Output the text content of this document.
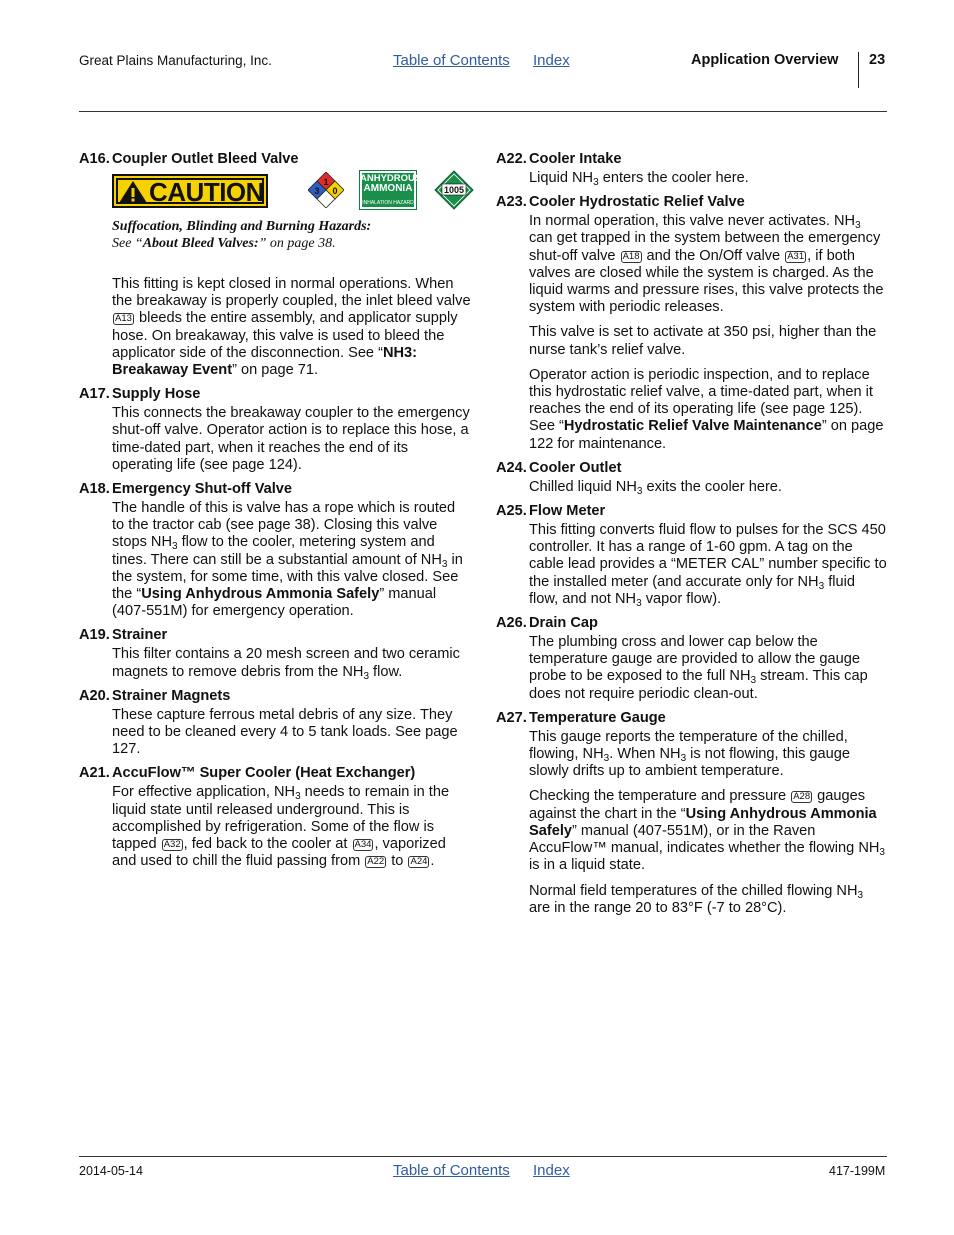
Great Plains Manufacturing, Inc.	Table of Contents Index	Application Overview 23
A16. Coupler Outlet Bleed Valve
CAUTION	1
3 0
ANHYDROUS
AMMONIA
INHALATION HAZARD
1005
Suffocation, Blinding and Burning Hazards:
See “About Bleed Valves:” on page 38.

This fitting is kept closed in normal operations. When the breakaway is properly coupled, the inlet bleed valve A13 bleeds the entire assembly, and applicator supply hose. On breakaway, this valve is used to bleed the applicator side of the disconnection. See “NH3: Breakaway Event” on page 71.

A17. Supply Hose

This connects the breakaway coupler to the emergency shut-off valve. Operator action is to replace this hose, a time-dated part, when it reaches the end of its operating life (see page 124).

A18. Emergency Shut-off Valve

The handle of this is valve has a rope which is routed to the tractor cab (see page 38). Closing this valve stops $NH_3$ flow to the cooler, metering system and tines. There can still be a substantial amount of $NH_3$ in the system, for some time, with this valve closed. See the “Using Anhydrous Ammonia Safely” manual (407-551M) for emergency operation.

A19. Strainer

This filter contains a 20 mesh screen and two ceramic magnets to remove debris from the $NH_3$ flow.

A20. Strainer Magnets

These capture ferrous metal debris of any size. They need to be cleaned every 4 to 5 tank loads. See page 127.

A21. AccuFlow™ Super Cooler (Heat Exchanger)

For effective application, $NH_3$ needs to remain in the liquid state until released underground. This is accomplished by refrigeration. Some of the flow is tapped A32 , fed back to the cooler at A34 , vaporized and used to chill the fluid passing from A22 to A24 .

A22. Cooler Intake

Liquid $NH_3$ enters the cooler here.

A23. Cooler Hydrostatic Relief Valve

In normal operation, this valve never activates. $NH_3$ can get trapped in the system between the emergency shut-off valve A18 and the On/Off valve A31 , if both valves are closed while the system is charged. As the liquid warms and pressure rises, this valve protects the system with periodic releases.

This valve is set to activate at 350 psi, higher than the nurse tank’s relief valve.

Operator action is periodic inspection, and to replace this hydrostatic relief valve, a time-dated part, when it reaches the end of its operating life (see page 125). See “Hydrostatic Relief Valve Maintenance” on page 122 for maintenance.

A24. Cooler Outlet

Chilled liquid $NH_3$ exits the cooler here.

A25. Flow Meter

This fitting converts fluid flow to pulses for the SCS 450 controller. It has a range of 1-60 gpm. A tag on the cable lead provides a “METER CAL” number specific to the installed meter (and accurate only for $NH_3$ fluid flow, and not $NH_3$ vapor flow).

A26. Drain Cap

The plumbing cross and lower cap below the temperature gauge are provided to allow the gauge probe to be exposed to the full $NH_3$ stream. This cap does not require periodic clean-out.

A27. Temperature Gauge

This gauge reports the temperature of the chilled, flowing, $NH_3$. When $NH_3$ is not flowing, this gauge slowly drifts up to ambient temperature.

Checking the temperature and pressure A28 gauges against the chart in the “Using Anhydrous Ammonia Safely” manual (407-551M), or in the Raven AccuFlow™ manual, indicates whether the flowing $NH_3$ is in a liquid state.

Normal field temperatures of the chilled flowing $NH_3$ are in the range 20 to 83°F (-7 to 28°C).

2014-05-14	Table of Contents Index	417-199M
